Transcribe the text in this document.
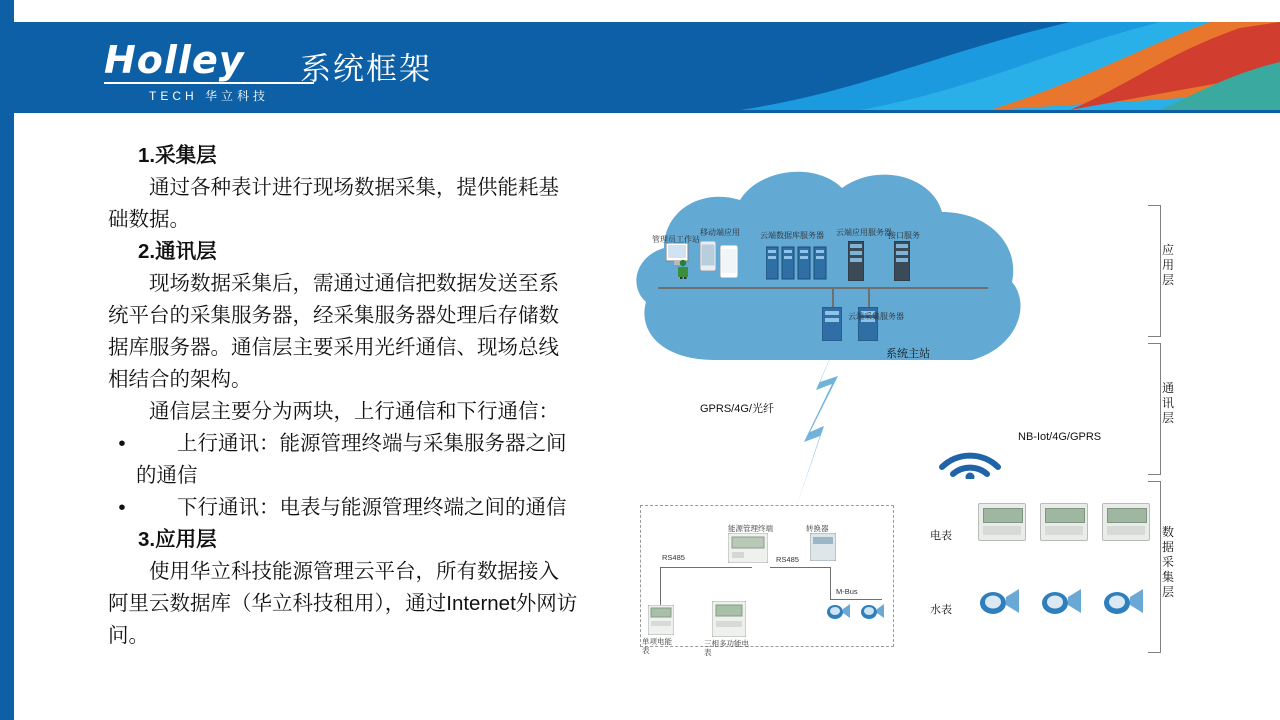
Holley
TECH 华立科技
系统框架
1.采集层
通过各种表计进行现场数据采集，提供能耗基础数据。
2.通讯层
现场数据采集后，需通过通信把数据发送至系统平台的采集服务器，经采集服务器处理后存储数据库服务器。通信层主要采用光纤通信、现场总线相结合的架构。
通信层主要分为两块，上行通信和下行通信：
•	上行通讯：能源管理终端与采集服务器之间的通信
•	下行通讯：电表与能源管理终端之间的通信
3.应用层
使用华立科技能源管理云平台，所有数据接入阿里云数据库（华立科技租用），通过Internet外网访问。
管理员工作站
移动端应用	云端数据库服务器 云端应用服务器
接口服务
云端采集服务器
系统主站
GPRS/4G/光纤
NB-Iot/4G/GPRS
能源管理终端	转换器
RS485	RS485
M-Bus
单项电能表
三相多功能电表
电表
水表
应用层
通讯层
数据采集层
